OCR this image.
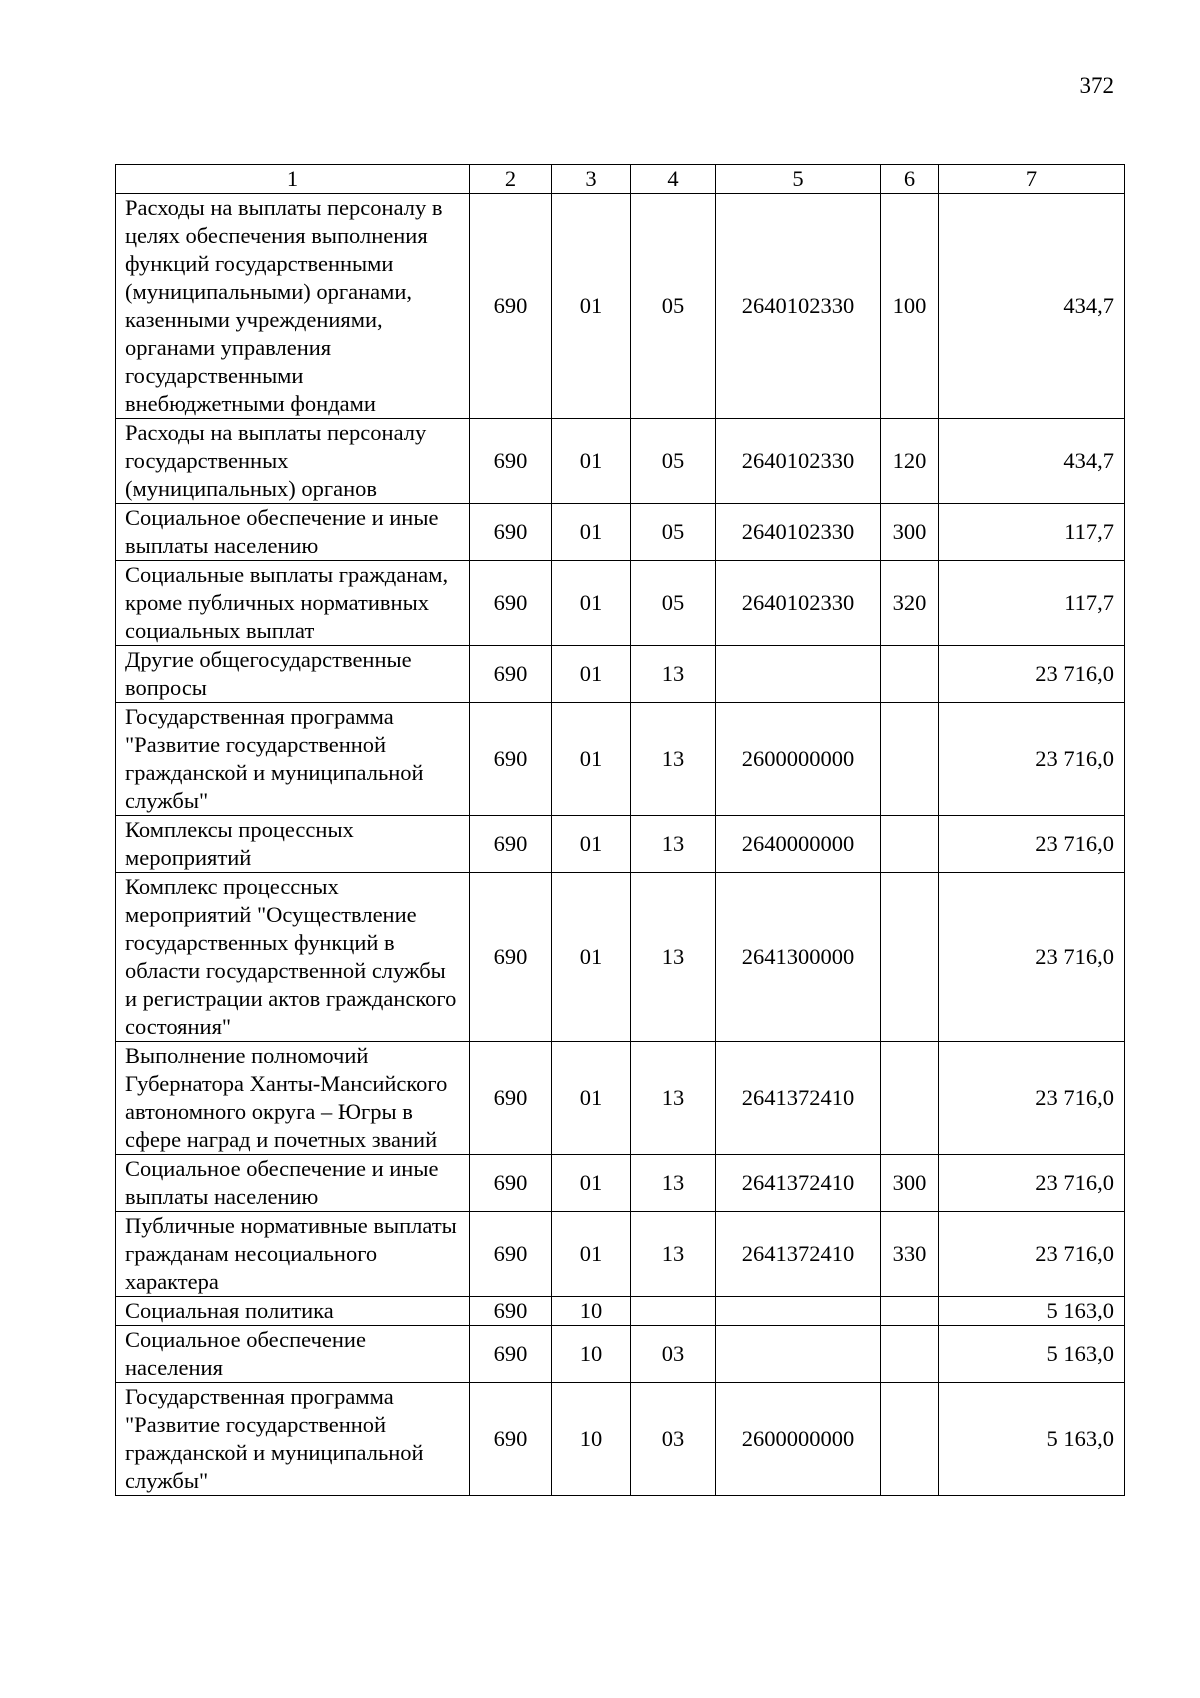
372
1	2	3	4	5	6	7
Расходы на выплаты персоналу в целях обеспечения выполнения функций государственными (муниципальными) органами, казенными учреждениями, органами управления государственными внебюджетными фондами	690	01	05	2640102330	100	434,7
Расходы на выплаты персоналу государственных (муниципальных) органов	690	01	05	2640102330	120	434,7
Социальное обеспечение и иные выплаты населению	690	01	05	2640102330	300	117,7
Социальные выплаты гражданам, кроме публичных нормативных социальных выплат	690	01	05	2640102330	320	117,7
Другие общегосударственные вопросы	690	01	13			23 716,0
Государственная программа "Развитие государственной гражданской и муниципальной службы"	690	01	13	2600000000		23 716,0
Комплексы процессных мероприятий	690	01	13	2640000000		23 716,0
Комплекс процессных мероприятий "Осуществление государственных функций в области государственной службы и регистрации актов гражданского состояния"	690	01	13	2641300000		23 716,0
Выполнение полномочий Губернатора Ханты-Мансийского автономного округа – Югры в сфере наград и почетных званий	690	01	13	2641372410		23 716,0
Социальное обеспечение и иные выплаты населению	690	01	13	2641372410	300	23 716,0
Публичные нормативные выплаты гражданам несоциального характера	690	01	13	2641372410	330	23 716,0
Социальная политика	690	10				5 163,0
Социальное обеспечение населения	690	10	03			5 163,0
Государственная программа "Развитие государственной гражданской и муниципальной службы"	690	10	03	2600000000		5 163,0
